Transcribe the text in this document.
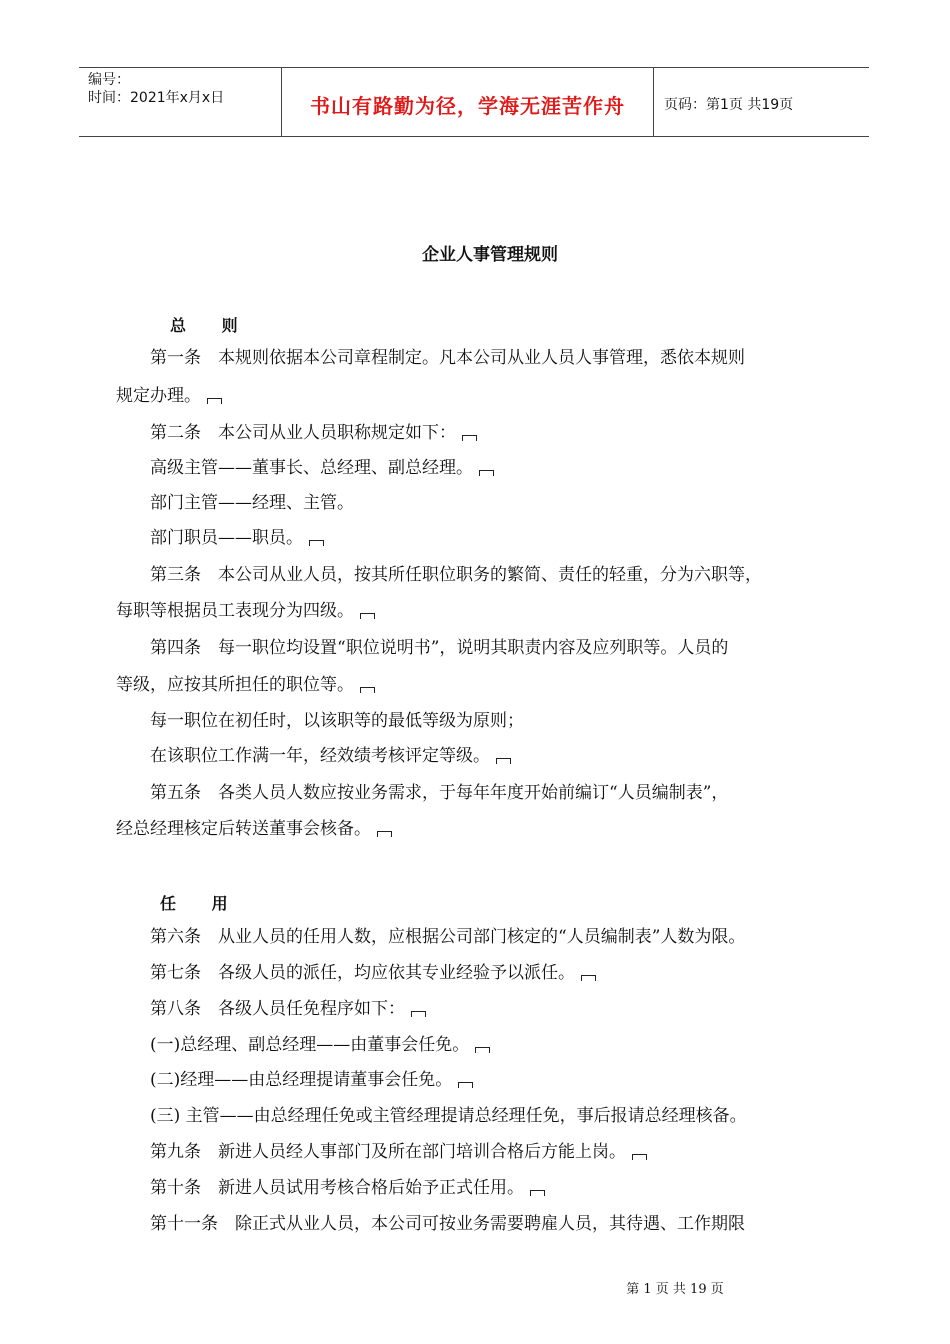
编号：
时间：2021年x月x日	书山有路勤为径，学海无涯苦作舟	页码：第1页 共19页
企业人事管理规则
总 则
第一条　本规则依据本公司章程制定。凡本公司从业人员人事管理，悉依本规则
规定办理。
第二条　本公司从业人员职称规定如下：
高级主管——董事长、总经理、副总经理。
部门主管——经理、主管。
部门职员——职员。
第三条　本公司从业人员，按其所任职位职务的繁简、责任的轻重，分为六职等，
每职等根据员工表现分为四级。
第四条　每一职位均设置“职位说明书”，说明其职责内容及应列职等。人员的
等级，应按其所担任的职位等。
每一职位在初任时，以该职等的最低等级为原则；
在该职位工作满一年，经效绩考核评定等级。
第五条　各类人员人数应按业务需求，于每年年度开始前编订“人员编制表”，
经总经理核定后转送董事会核备。
任 用
第六条　从业人员的任用人数，应根据公司部门核定的“人员编制表”人数为限。
第七条　各级人员的派任，均应依其专业经验予以派任。
第八条　各级人员任免程序如下：
(一)总经理、副总经理——由董事会任免。
(二)经理——由总经理提请董事会任免。
(三) 主管——由总经理任免或主管经理提请总经理任免，事后报请总经理核备。
第九条　新进人员经人事部门及所在部门培训合格后方能上岗。
第十条　新进人员试用考核合格后始予正式任用。
第十一条　除正式从业人员，本公司可按业务需要聘雇人员，其待遇、工作期限
第 1 页 共 19 页
